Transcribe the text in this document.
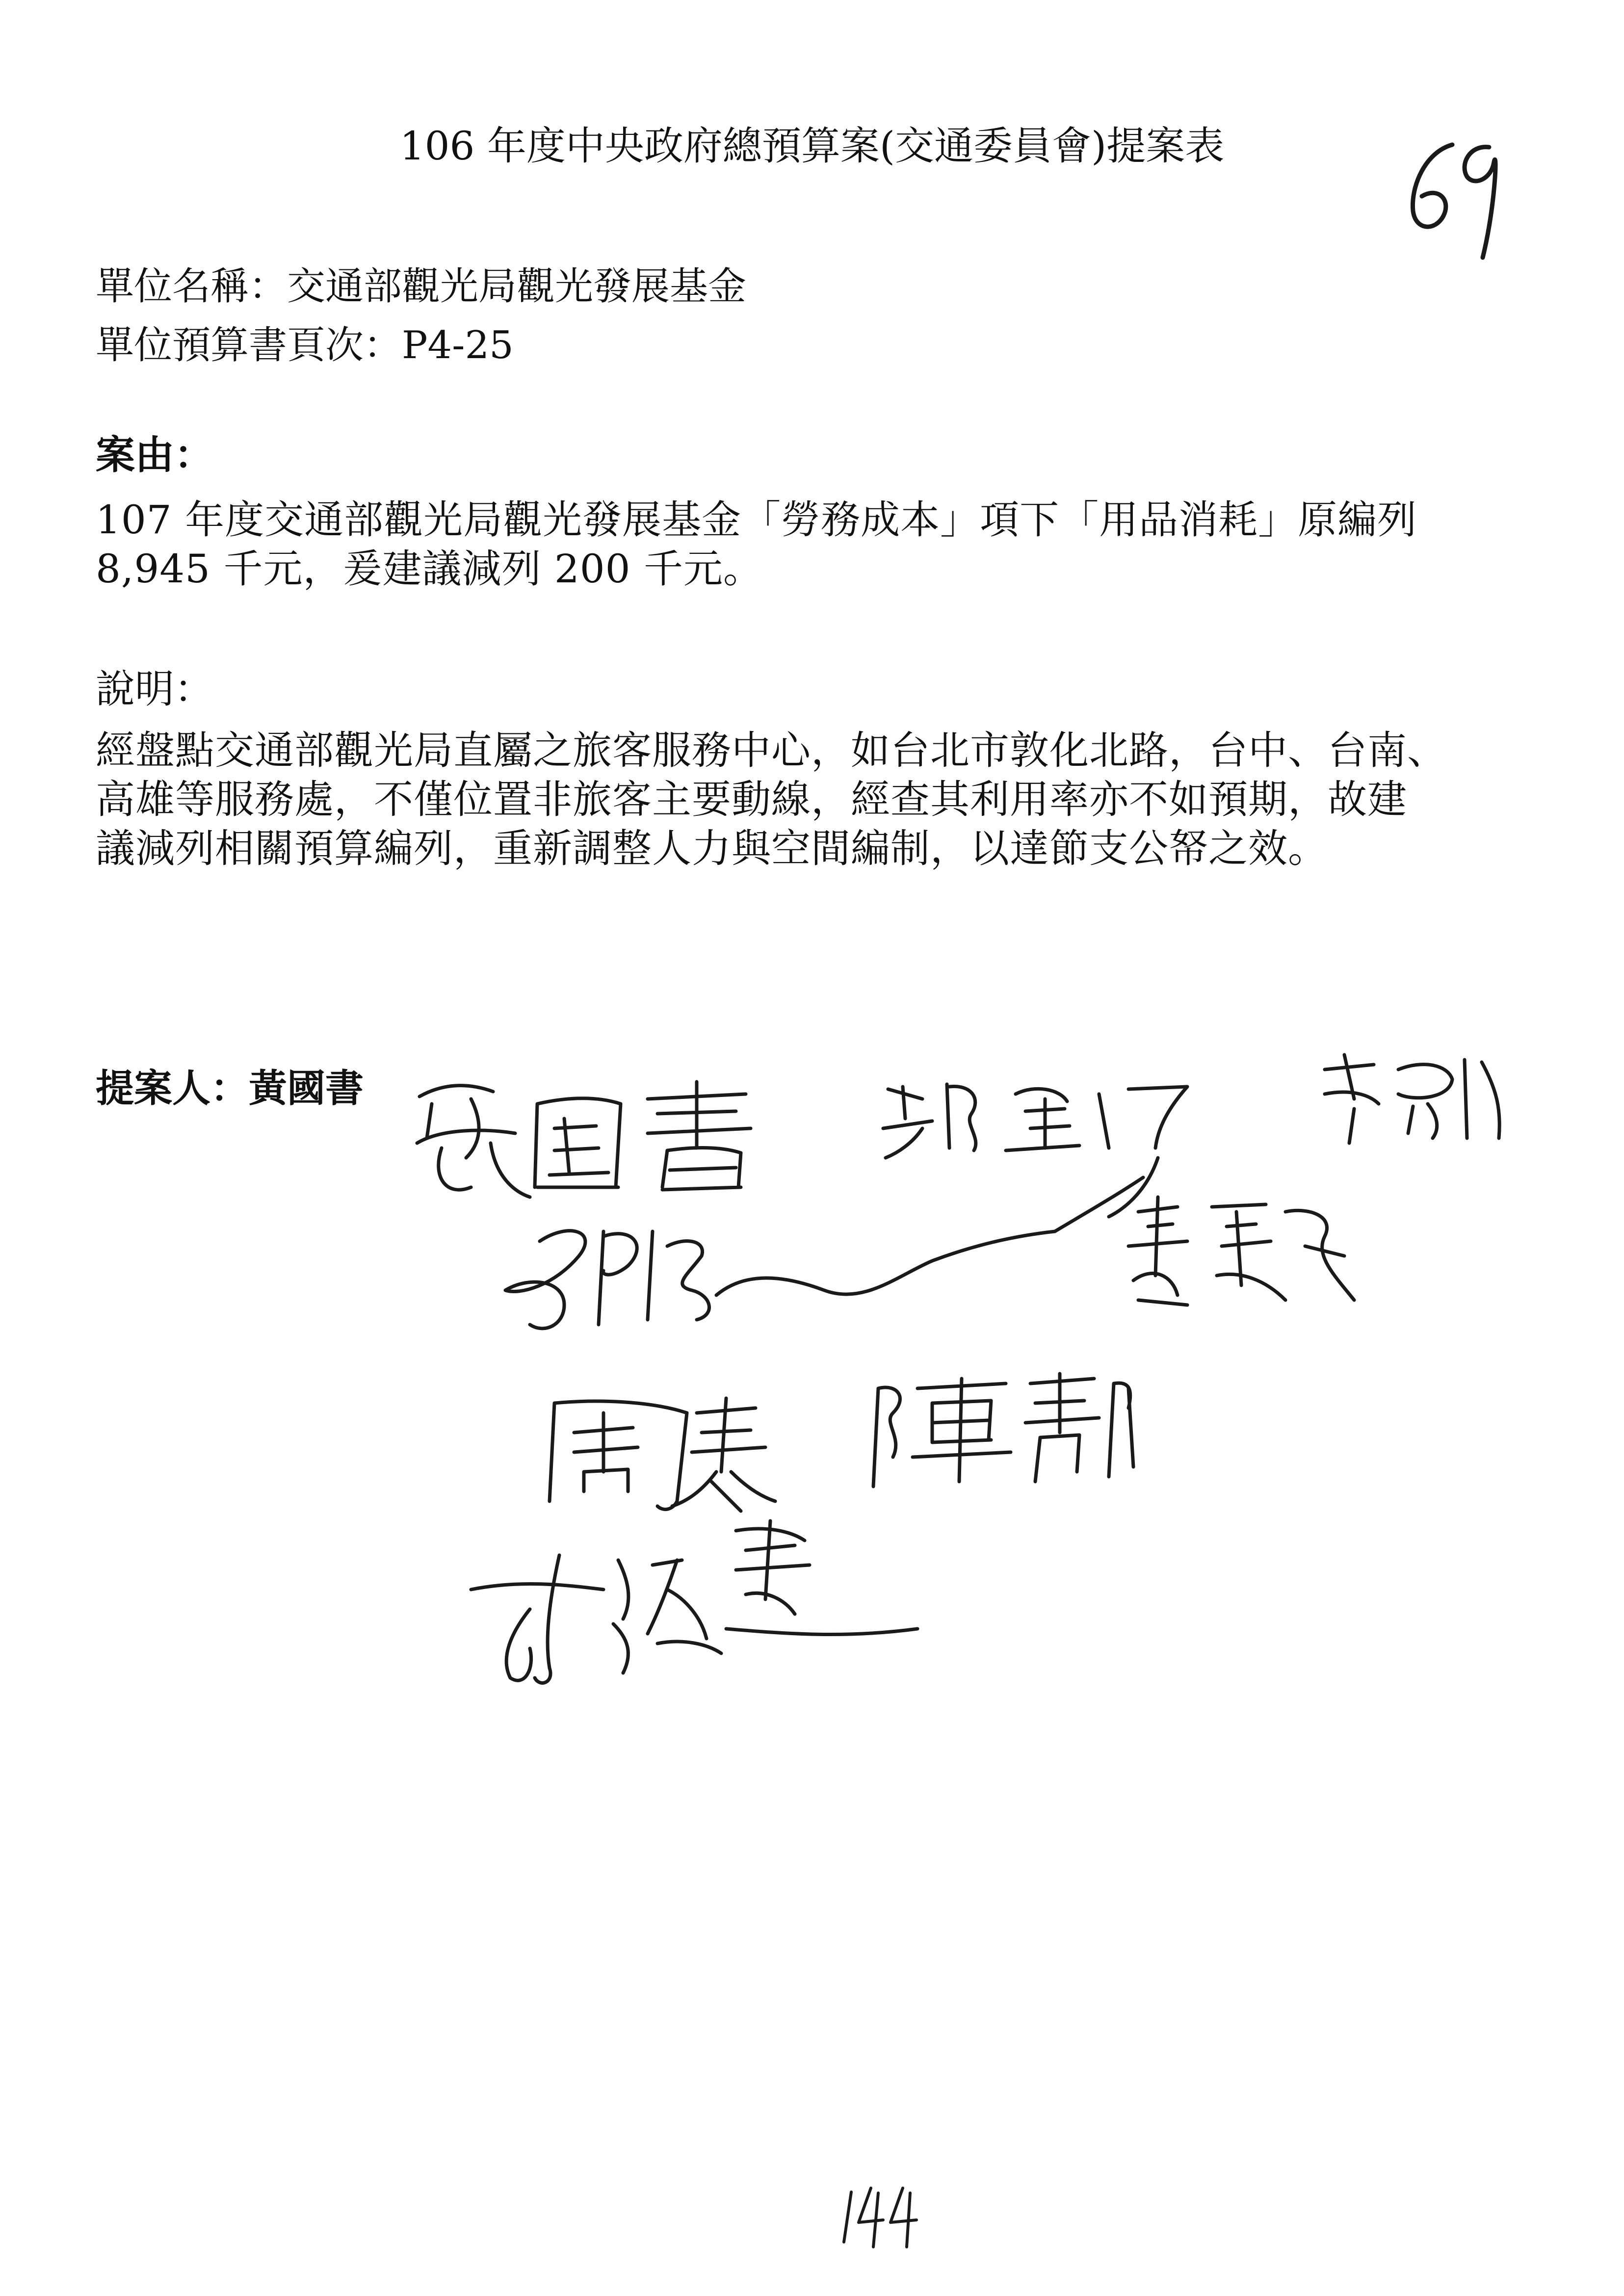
106 年度中央政府總預算案(交通委員會)提案表
單位名稱：交通部觀光局觀光發展基金
單位預算書頁次：P4-25
案由：
107 年度交通部觀光局觀光發展基金「勞務成本」項下「用品消耗」原編列
8,945 千元，爰建議減列 200 千元。
說明：
經盤點交通部觀光局直屬之旅客服務中心，如台北市敦化北路，台中、台南、
高雄等服務處，不僅位置非旅客主要動線，經查其利用率亦不如預期，故建
議減列相關預算編列，重新調整人力與空間編制，以達節支公帑之效。
提案人：黃國書
